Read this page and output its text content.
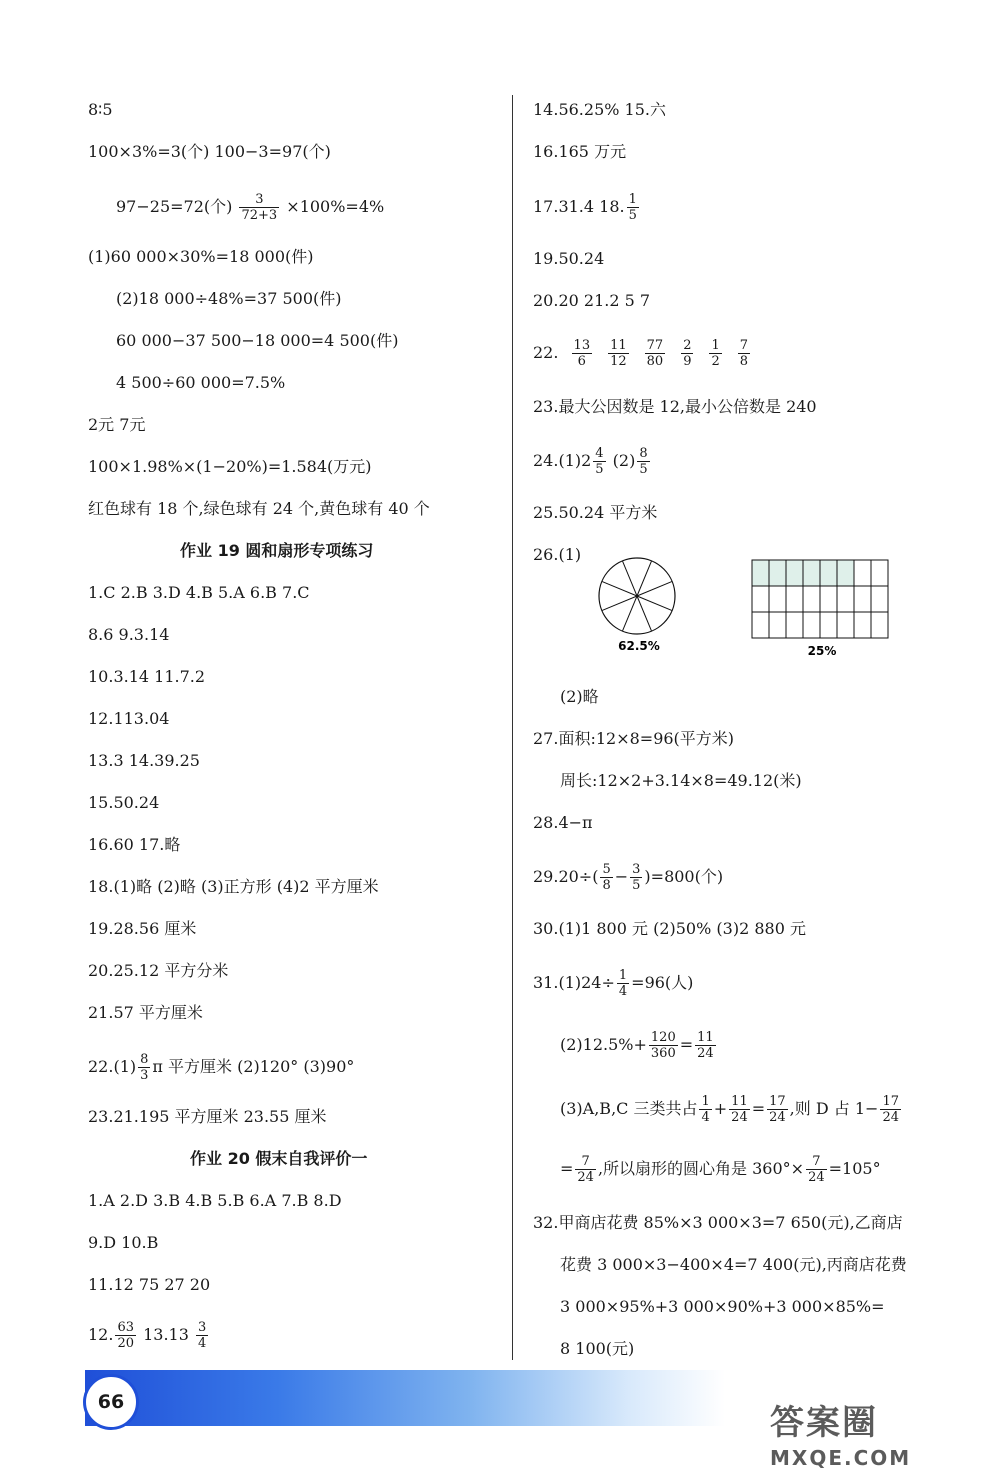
8∶5
100×3%=3(个) 100−3=97(个)
97−25=72(个) $\frac{3}{72+3} \times 100\%=4\%$
(1)60 000×30%=18 000(件)
(2)18 000÷48%=37 500(件)
60 000−37 500−18 000=4 500(件)
4 500÷60 000=7.5%
2元 7元
100×1.98%×(1−20%)=1.584(万元)
红色球有 18 个,绿色球有 24 个,黄色球有 40 个
作业 19 圆和扇形专项练习
1.C 2.B 3.D 4.B 5.A 6.B 7.C
8.6 9.3.14
10.3.14 11.7.2
12.113.04
13.3 14.39.25
15.50.24
16.60 17.略
18.(1)略 (2)略 (3)正方形 (4)2 平方厘米
19.28.56 厘米
20.25.12 平方分米
21.57 平方厘米
$22.(1) \frac{8}{3}$ π 平方厘米 (2)120° (3)90°
23.21.195 平方厘米 23.55 厘米
作业 20 假末自我评价一
1.A 2.D 3.B 4.B 5.B 6.A 7.B 8.D
9.D 10.B
11.12 75 27 20
12. $\frac{63}{20} 13.13 \frac{3}{4}$
14.56.25% 15.六
16.165 万元
17.31.4 18. $\frac{1}{5}$
19.50.24
20.20 21.2 5 7
22. $\frac{13}{6} \frac{11}{12} \frac{77}{80} \frac{2}{9} \frac{1}{2} \frac{7}{8}$
23.最大公因数是 12,最小公倍数是 240
$24.(1)2 \frac{4}{5} (2) \frac{8}{5}$
25.50.24 平方米
26.(1)
62.5%	25%
(2)略
27.面积:12×8=96(平方米)
周长:12×2+3.14×8=49.12(米)
28.4−π
$29.20\div( \frac{5}{8} - \frac{3}{5} )=800$(个)
30.(1)1 800 元 (2)50% (3)2 880 元
$31.(1)24\div \frac{1}{4} =96$(人)
$(2)12.5\%+ \frac{120}{360} = \frac{11}{24}$
(3)A,B,C 三类共占 $\frac{1}{4} + \frac{11}{24} = \frac{17}{24}$ ,则 D 占 $1- \frac{17}{24}$
= $\frac{7}{24}$ ,所以扇形的圆心角是 $360^\circ\times \frac{7}{24} =105^\circ$
32.甲商店花费 85%×3 000×3=7 650(元),乙商店
花费 3 000×3−400×4=7 400(元),丙商店花费
3 000×95%+3 000×90%+3 000×85%=
8 100(元)
66
答案圈
MXQE.COM
